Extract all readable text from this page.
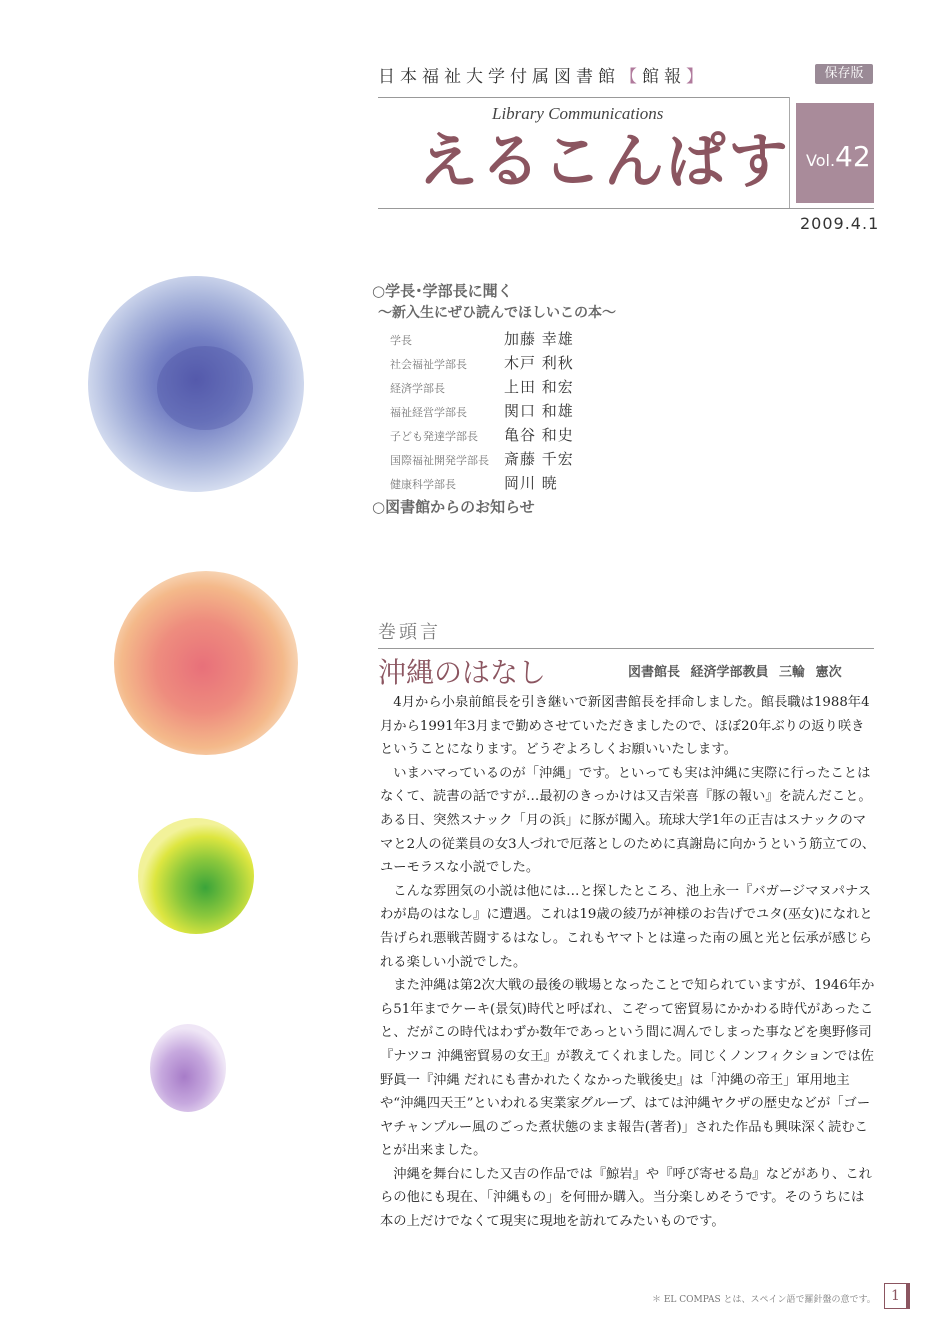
日本福祉大学付属図書館【館報】	保存版
Library Communications
えるこんぱす Vol.42
2009.4.1
○学長･学部長に聞く
〜新入生にぜひ読んでほしいこの本〜
学長	加藤 幸雄
社会福祉学部長 木戸 利秋
経済学部長	上田 和宏
福祉経営学部長 関口 和雄
子ども発達学部長 亀谷 和史
国際福祉開発学部長 斎藤 千宏
健康科学部長	岡川 暁
○図書館からのお知らせ
巻頭言
沖縄のはなし	図書館長 経済学部教員 三輪 憲次

4月から小泉前館長を引き継いで新図書館長を拝命しました。館長職は1988年4月から1991年3月まで勤めさせていただきましたので、ほぼ20年ぶりの返り咲きということになります。どうぞよろしくお願いいたします。

いまハマっているのが「沖縄」です。といっても実は沖縄に実際に行ったことはなくて、読書の話ですが…最初のきっかけは又吉栄喜『豚の報い』を読んだこと。ある日、突然スナック「月の浜」に豚が闖入。琉球大学1年の正吉はスナックのママと2人の従業員の女3人づれで厄落としのために真謝島に向かうという筋立ての、ユーモラスな小説でした。

こんな雰囲気の小説は他には…と探したところ、池上永一『バガージマヌパナスわが島のはなし』に遭遇。これは19歳の綾乃が神様のお告げでユタ(巫女)になれと告げられ悪戦苦闘するはなし。これもヤマトとは違った南の風と光と伝承が感じられる楽しい小説でした。

また沖縄は第2次大戦の最後の戦場となったことで知られていますが、1946年から51年までケーキ(景気)時代と呼ばれ、こぞって密貿易にかかわる時代があったこと、だがこの時代はわずか数年であっという間に凋んでしまった事などを奥野修司『ナツコ 沖縄密貿易の女王』が教えてくれました。同じくノンフィクションでは佐野眞一『沖縄 だれにも書かれたくなかった戦後史』は「沖縄の帝王」軍用地主や“沖縄四天王”といわれる実業家グループ、はては沖縄ヤクザの歴史などが「ゴーヤチャンプルー風のごった煮状態のまま報告(著者)」された作品も興味深く読むことが出来ました。

沖縄を舞台にした又吉の作品では『鯨岩』や『呼び寄せる島』などがあり、これらの他にも現在、「沖縄もの」を何冊か購入。当分楽しめそうです。そのうちには本の上だけでなくて現実に現地を訪れてみたいものです。

＊ EL COMPAS とは、スペイン語で羅針盤の意です。	1
